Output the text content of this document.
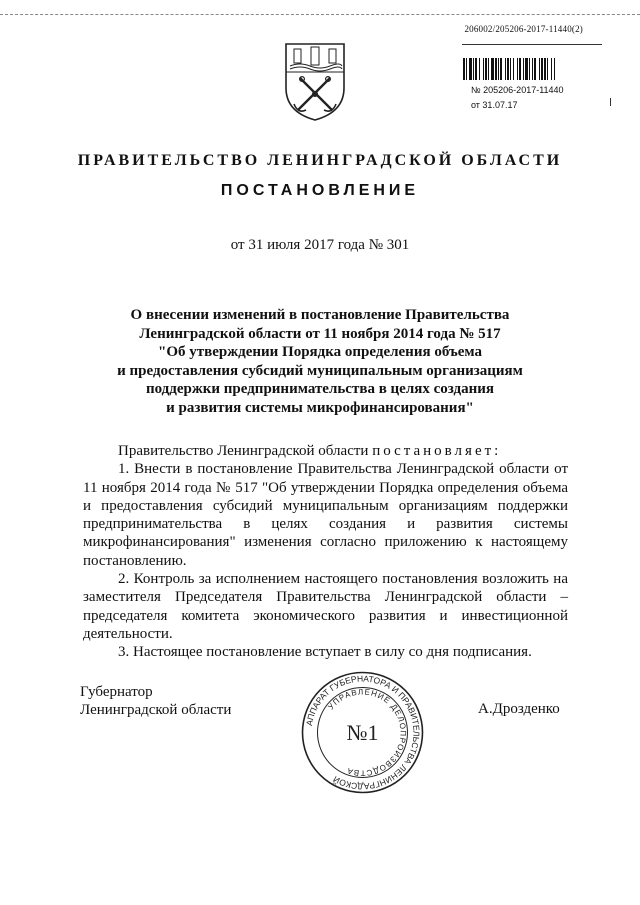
206002/205206-2017-11440(2)
№ 205206-2017-11440
от 31.07.17
ПРАВИТЕЛЬСТВО ЛЕНИНГРАДСКОЙ ОБЛАСТИ
ПОСТАНОВЛЕНИЕ
от 31 июля 2017 года № 301
О внесении изменений в постановление Правительства
Ленинградской области от 11 ноября 2014 года № 517
"Об утверждении Порядка определения объема
и предоставления субсидий муниципальным организациям
поддержки предпринимательства в целях создания
и развития системы микрофинансирования"

Правительство Ленинградской области постановляет:

1. Внести в постановление Правительства Ленинградской области от 11 ноября 2014 года № 517 "Об утверждении Порядка определения объема и предоставления субсидий муниципальным организациям поддержки предпринимательства в целях создания и развития системы микрофинансирования" изменения согласно приложению к настоящему постановлению.

2. Контроль за исполнением настоящего постановления возложить на заместителя Председателя Правительства Ленинградской области – председателя комитета экономического развития и инвестиционной деятельности.

3. Настоящее постановление вступает в силу со дня подписания.

Губернатор
Ленинградской области
АППАРАТ ГУБЕРНАТОРА И ПРАВИТЕЛЬСТВА ЛЕНИНГРАДСКОЙ
УПРАВЛЕНИЕ ДЕЛОПРОИЗВОДСТВА
№1
А.Дрозденко
